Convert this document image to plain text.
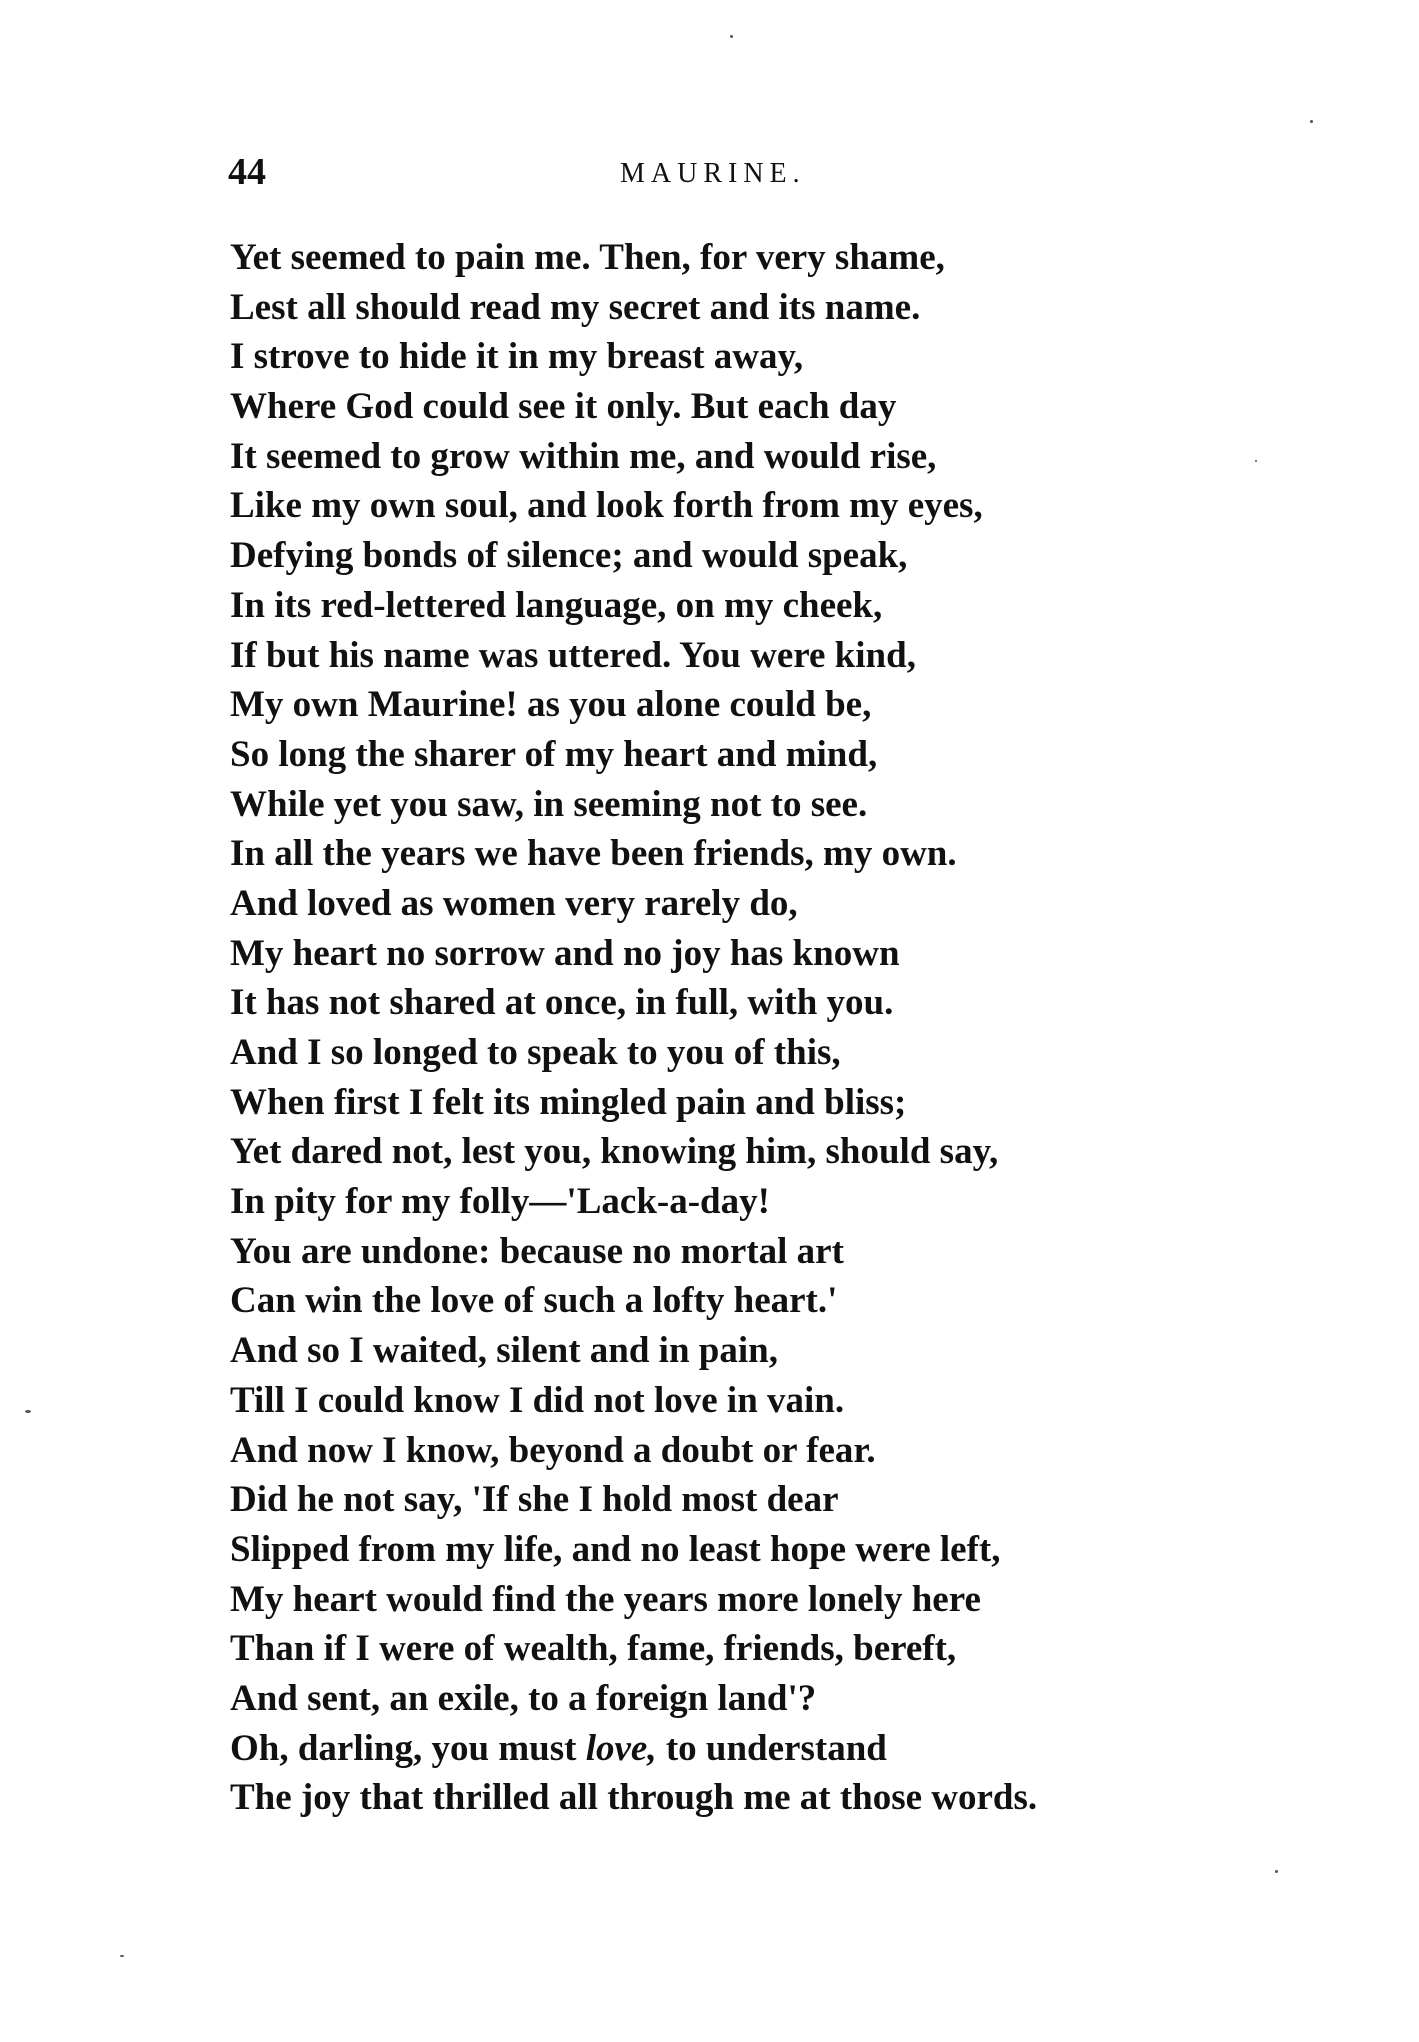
44	MAURINE.
Yet seemed to pain me. Then, for very shame,
Lest all should read my secret and its name.
I strove to hide it in my breast away,
Where God could see it only. But each day
It seemed to grow within me, and would rise,
Like my own soul, and look forth from my eyes,
Defying bonds of silence; and would speak,
In its red-lettered language, on my cheek,
If but his name was uttered. You were kind,
My own Maurine! as you alone could be,
So long the sharer of my heart and mind,
While yet you saw, in seeming not to see.
In all the years we have been friends, my own.
And loved as women very rarely do,
My heart no sorrow and no joy has known
It has not shared at once, in full, with you.
And I so longed to speak to you of this,
When first I felt its mingled pain and bliss;
Yet dared not, lest you, knowing him, should say,
In pity for my folly—'Lack-a-day!
You are undone: because no mortal art
Can win the love of such a lofty heart.'
And so I waited, silent and in pain,
Till I could know I did not love in vain.
And now I know, beyond a doubt or fear.
Did he not say, 'If she I hold most dear
Slipped from my life, and no least hope were left,
My heart would find the years more lonely here
Than if I were of wealth, fame, friends, bereft,
And sent, an exile, to a foreign land'?
Oh, darling, you must love, to understand
The joy that thrilled all through me at those words.
